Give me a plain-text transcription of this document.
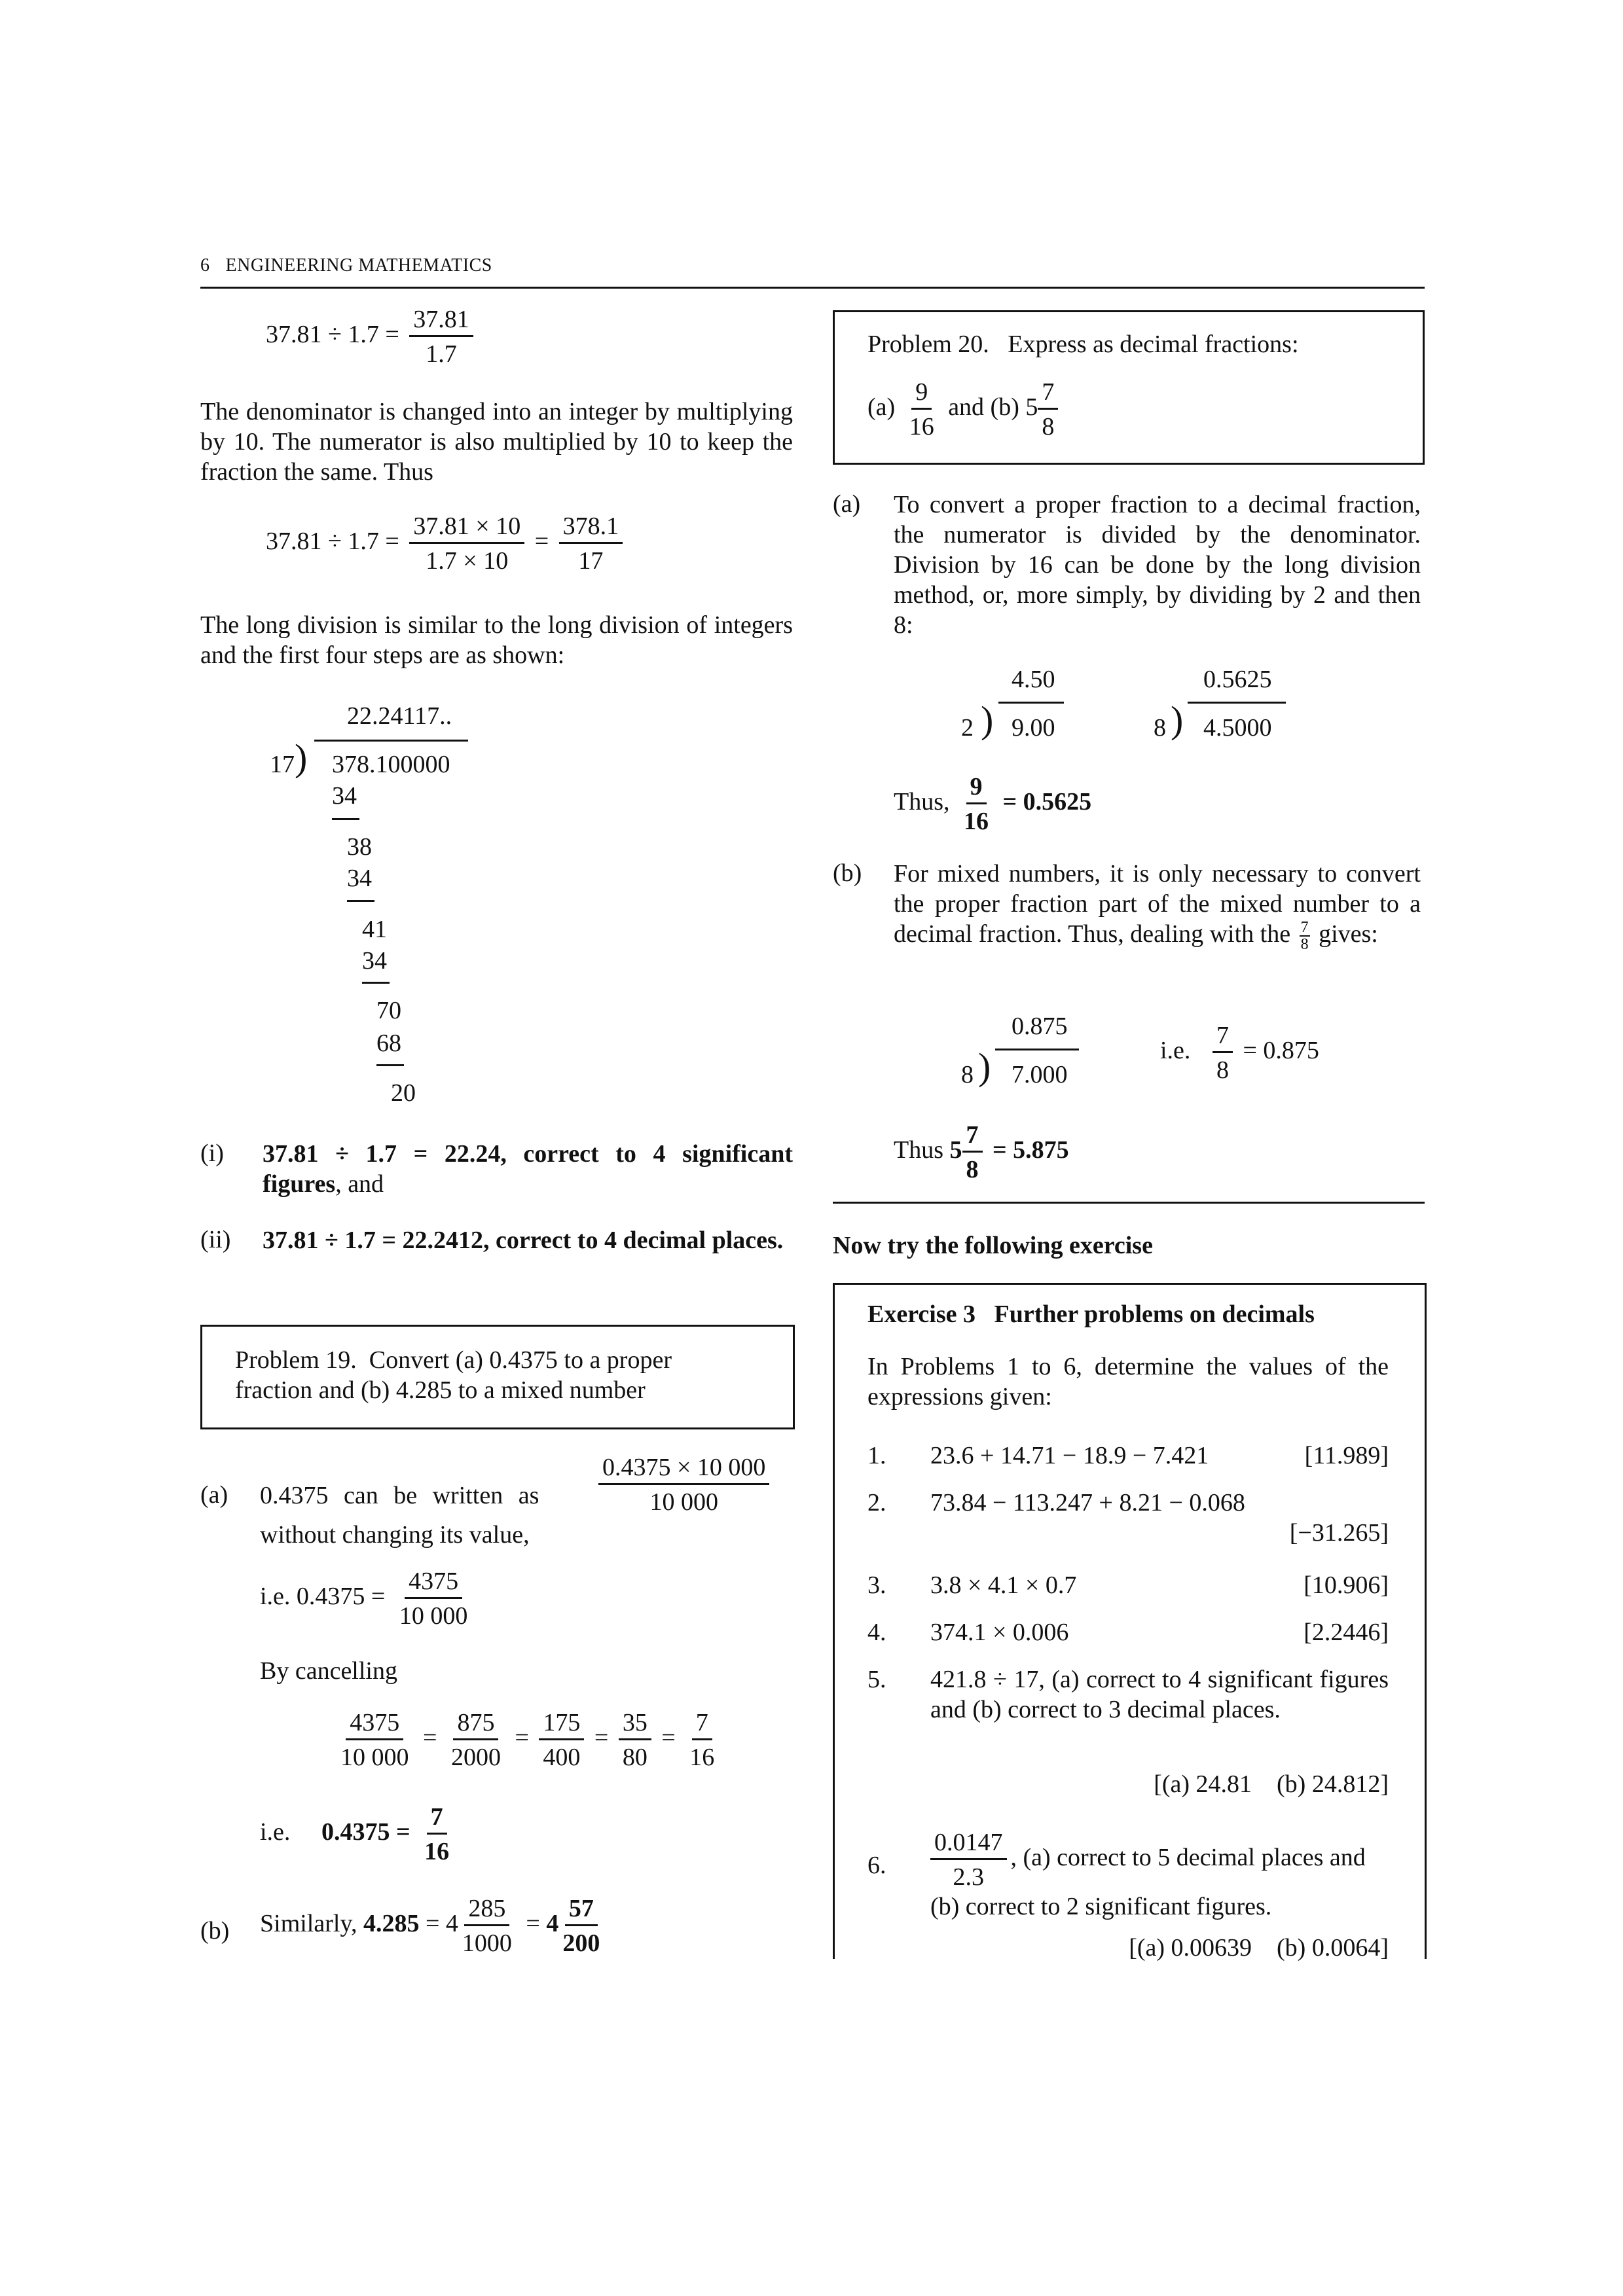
6 ENGINEERING MATHEMATICS
$37.81 \div 1.7 = \frac{37.81}{1.7}$
The denominator is changed into an integer by multiplying by 10. The numerator is also multiplied by 10 to keep the fraction the same. Thus
$37.81 \div 1.7 = \frac{37.81 \times 10}{1.7 \times 10} = \frac{378.1}{17}$
The long division is similar to the long division of integers and the first four steps are as shown:
22.24117..
)
17 378.100000
34
38
34
41
34
70
68
20
(i) 37.81 ÷ 1.7 = 22.24, correct to 4 significant figures, and
(ii) 37.81 ÷ 1.7 = 22.2412, correct to 4 decimal places.
Problem 19. Convert (a) 0.4375 to a proper
fraction and (b) 4.285 to a mixed number
(a) 0.4375 can be written as $\frac{0.4375 \times 10 000}{10 000}$
without changing its value,
i.e. $0.4375 = \frac{4375}{10 000}$
By cancelling
$\frac{4375}{10 000} = \frac{875}{2000} = \frac{175}{400} = \frac{35}{80} = \frac{7}{16}$
i.e. $0.4375 = \frac{7}{16}$
(b) Similarly, $4.285 = 4 \frac{285}{1000} = 4 \frac{57}{200}$
Problem 20. Express as decimal fractions:
$(a) \frac{9}{16}$ and (b) $5 \frac{7}{8}$
(a) To convert a proper fraction to a decimal fraction, the numerator is divided by the denominator. Division by 16 can be done by the long division method, or, more simply, by dividing by 2 and then 8:
4.50
)
2 9.00
0.5625
)
8 4.5000
Thus, $\frac{9}{16} = 0.5625$
(b) For mixed numbers, it is only necessary to convert the proper fraction part of the mixed number to a decimal fraction. Thus, dealing with the $\frac{7}{8}$ gives:
0.875
)
8 7.000
i.e. $\frac{7}{8} = 0.875$
Thus $5 \frac{7}{8} = 5.875$
Now try the following exercise
Exercise 3 Further problems on decimals
In Problems 1 to 6, determine the values of the expressions given:
1. 23.6 + 14.71 − 18.9 − 7.421	[11.989]
2. 73.84 − 113.247 + 8.21 − 0.068
[−31.265]
3. 3.8 × 4.1 × 0.7	[10.906]
4. 374.1 × 0.006	[2.2446]
5. 421.8 ÷ 17, (a) correct to 4 significant figures and (b) correct to 3 decimal places.
[(a) 24.81    (b) 24.812]
6. $\frac{0.0147}{2.3}$ , (a) correct to 5 decimal places and (b) correct to 2 significant figures.
[(a) 0.00639    (b) 0.0064]
